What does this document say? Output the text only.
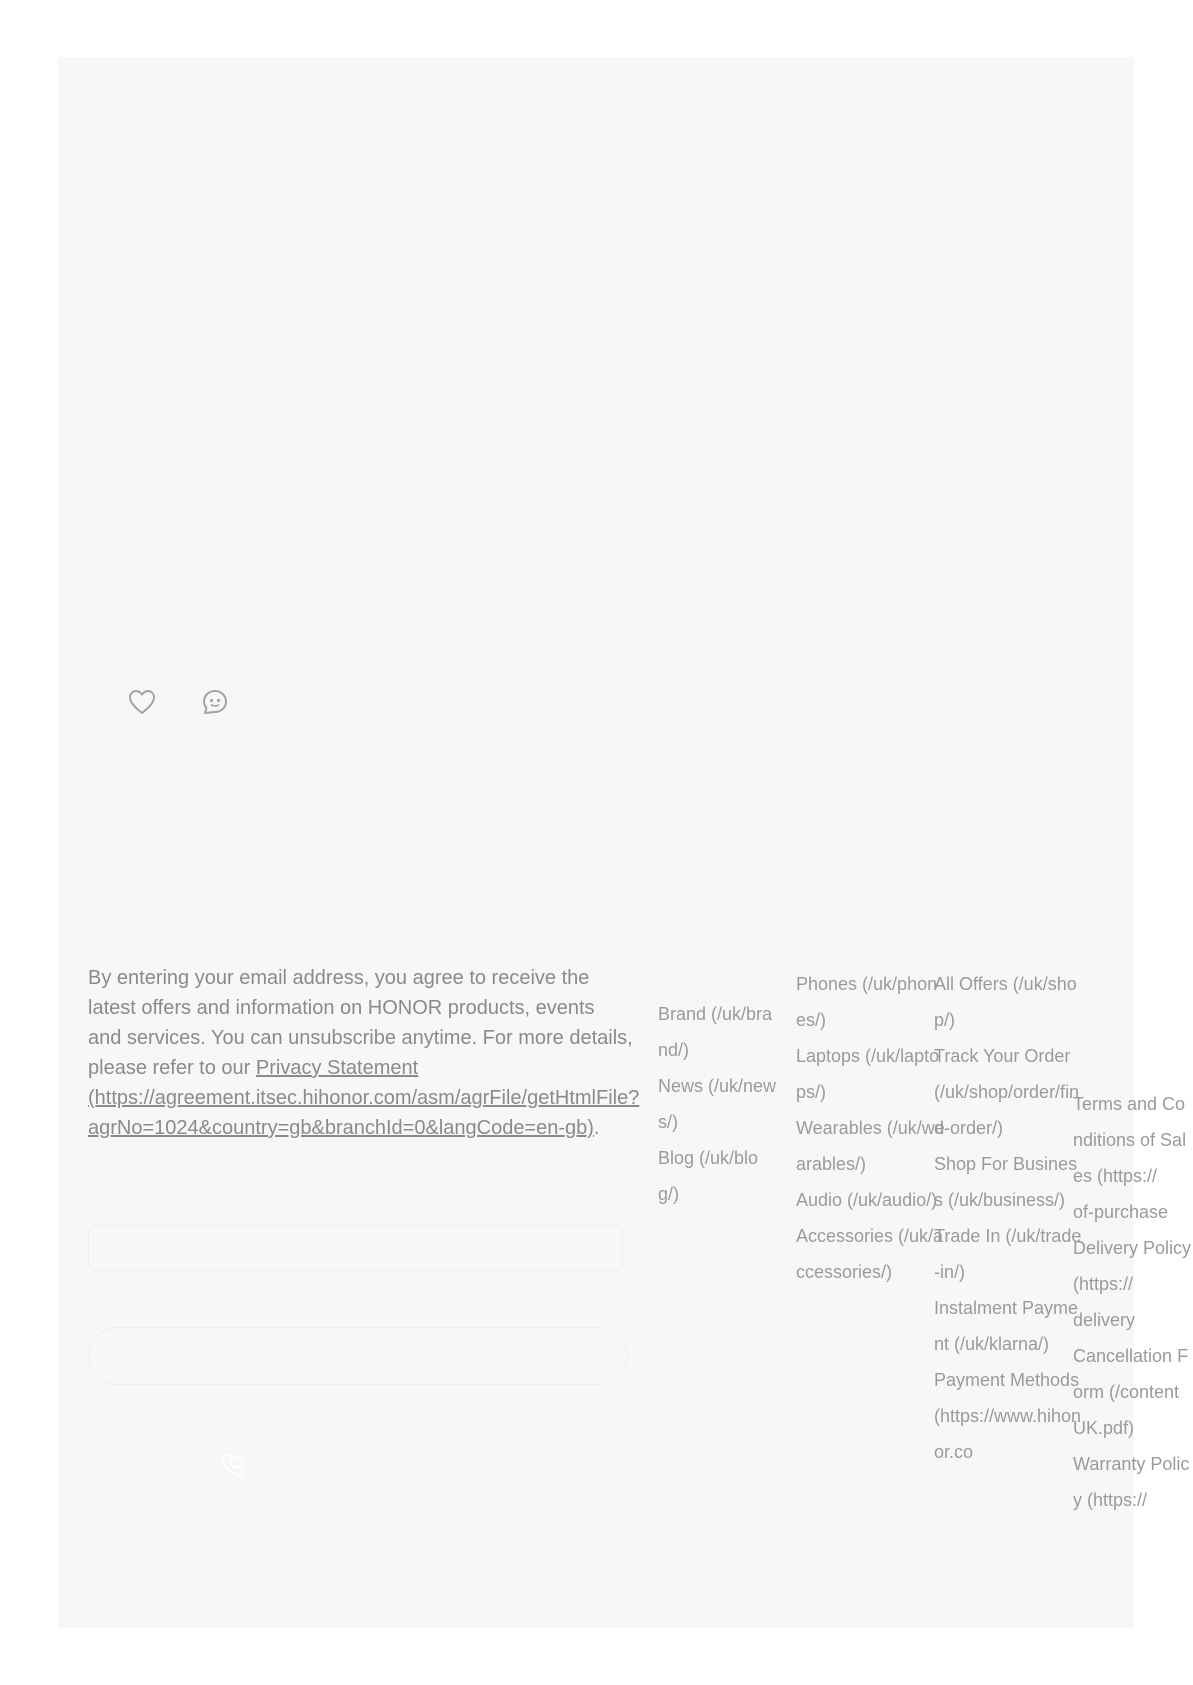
By entering your email address, you agree to receive the latest offers and information on HONOR products, events and services. You can unsubscribe anytime. For more details, please refer to our Privacy Statement (https://agreement.itsec.hihonor.com/asm/agrFile/getHtmlFile?agrNo=1024&country=gb&branchId=0&langCode=en-gb).

Brand (/uk/brand/)
News (/uk/news/)
Blog (/uk/blog/)
Phones (/uk/phones/)
Laptops (/uk/laptops/)
Wearables (/uk/wearables/)
Audio (/uk/audio/)
Accessories (/uk/accessories/)
All Offers (/uk/shop/)
Track Your Order (/uk/shop/order/find-order/)
Shop For Business (/uk/business/)
Trade In (/uk/trade-in/)
Instalment Payment (/uk/klarna/)
Payment Methods (https://www.hihonor.co
Terms and Conditions of Sales (https://
of-purchase
Delivery Policy (https://
delivery
Cancellation Form (/content
UK.pdf)
Warranty Policy (https://
